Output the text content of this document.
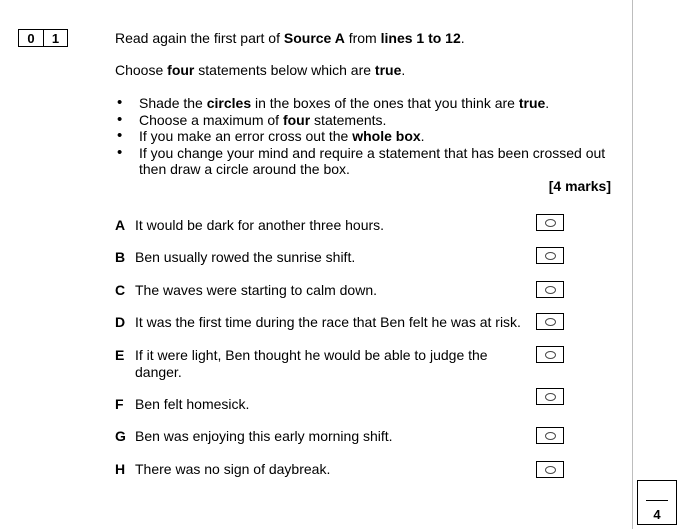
0	1	Read again the first part of Source A from lines 1 to 12.
Choose four statements below which are true.
• Shade the circles in the boxes of the ones that you think are true.
• Choose a maximum of four statements.
• If you make an error cross out the whole box.
• If you change your mind and require a statement that has been crossed out then draw a circle around the box.
[4 marks]
A It would be dark for another three hours.
B Ben usually rowed the sunrise shift.
C The waves were starting to calm down.
D It was the first time during the race that Ben felt he was at risk.
E If it were light, Ben thought he would be able to judge the danger.
F Ben felt homesick.
G Ben was enjoying this early morning shift.
H There was no sign of daybreak.
4
